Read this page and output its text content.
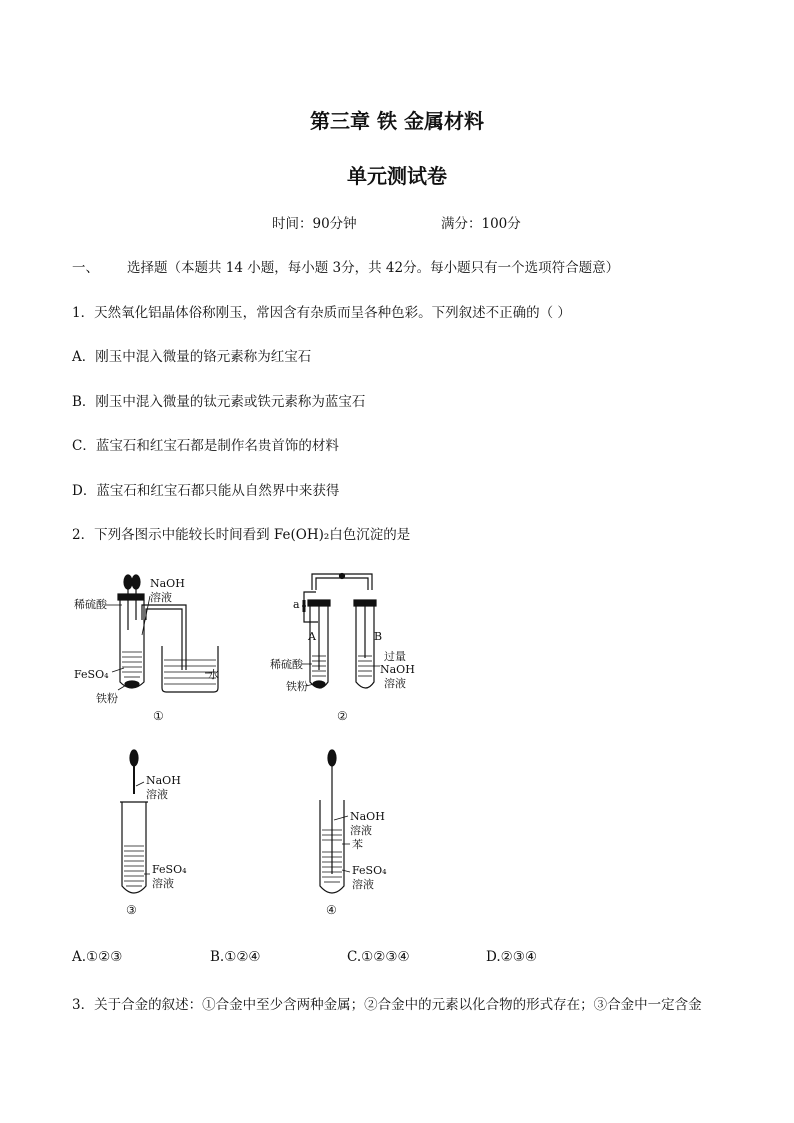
第三章 铁 金属材料
单元测试卷
时间：90分钟	满分：100分
一、 选择题（本题共 14 小题，每小题 3分，共 42分。每小题只有一个选项符合题意）
1．天然氧化铝晶体俗称刚玉，常因含有杂质而呈各种色彩。下列叙述不正确的（ ）
A．刚玉中混入微量的铬元素称为红宝石
B．刚玉中混入微量的钛元素或铁元素称为蓝宝石
C．蓝宝石和红宝石都是制作名贵首饰的材料
D．蓝宝石和红宝石都只能从自然界中来获得
2．下列各图示中能较长时间看到 Fe(OH)₂白色沉淀的是
NaOH
溶液
稀硫酸
FeSO₄
铁粉
水
①
a
A	B
稀硫酸
铁粉
过量
NaOH
溶液
②
NaOH
溶液
FeSO₄
溶液
③
NaOH
溶液
苯
FeSO₄
溶液
④
A.①②③	B.①②④	C.①②③④	D.②③④
3．关于合金的叙述：①合金中至少含两种金属；②合金中的元素以化合物的形式存在；③合金中一定含金
